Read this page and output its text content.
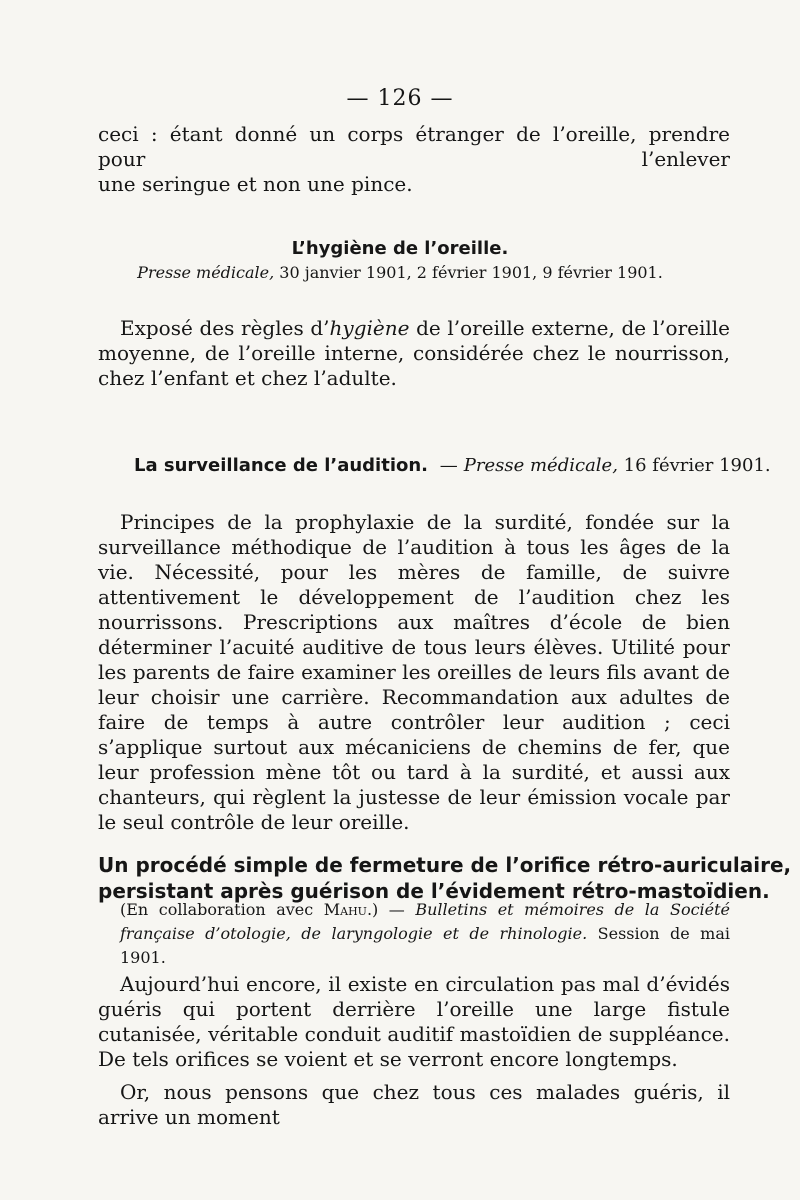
— 126 —
ceci : étant donné un corps étranger de l’oreille, prendre pour l’enlever
une seringue et non une pince.
L’hygiène de l’oreille.
Presse médicale, 30 janvier 1901, 2 février 1901, 9 février 1901.
Exposé des règles d’hygiène de l’oreille externe, de l’oreille moyenne, de l’oreille interne, considérée chez le nourrisson, chez l’enfant et chez l’adulte.
La surveillance de l’audition. — Presse médicale, 16 février 1901.
Principes de la prophylaxie de la surdité, fondée sur la surveillance méthodique de l’audition à tous les âges de la vie. Nécessité, pour les mères de famille, de suivre attentivement le développement de l’audition chez les nourrissons. Prescriptions aux maîtres d’école de bien déterminer l’acuité auditive de tous leurs élèves. Utilité pour les parents de faire examiner les oreilles de leurs fils avant de leur choisir une carrière. Recommandation aux adultes de faire de temps à autre contrôler leur audition ; ceci s’applique surtout aux mécaniciens de chemins de fer, que leur profession mène tôt ou tard à la surdité, et aussi aux chanteurs, qui règlent la justesse de leur émission vocale par le seul contrôle de leur oreille.
Un procédé simple de fermeture de l’orifice rétro-auriculaire,
persistant après guérison de l’évidement rétro-mastoïdien.
(En collaboration avec Mahu.) — Bulletins et mémoires de la Société française d’otologie, de laryngologie et de rhinologie. Session de mai 1901.
Aujourd’hui encore, il existe en circulation pas mal d’évidés guéris qui portent derrière l’oreille une large fistule cutanisée, véritable conduit auditif mastoïdien de suppléance. De tels orifices se voient et se verront encore longtemps.
Or, nous pensons que chez tous ces malades guéris, il arrive un moment
